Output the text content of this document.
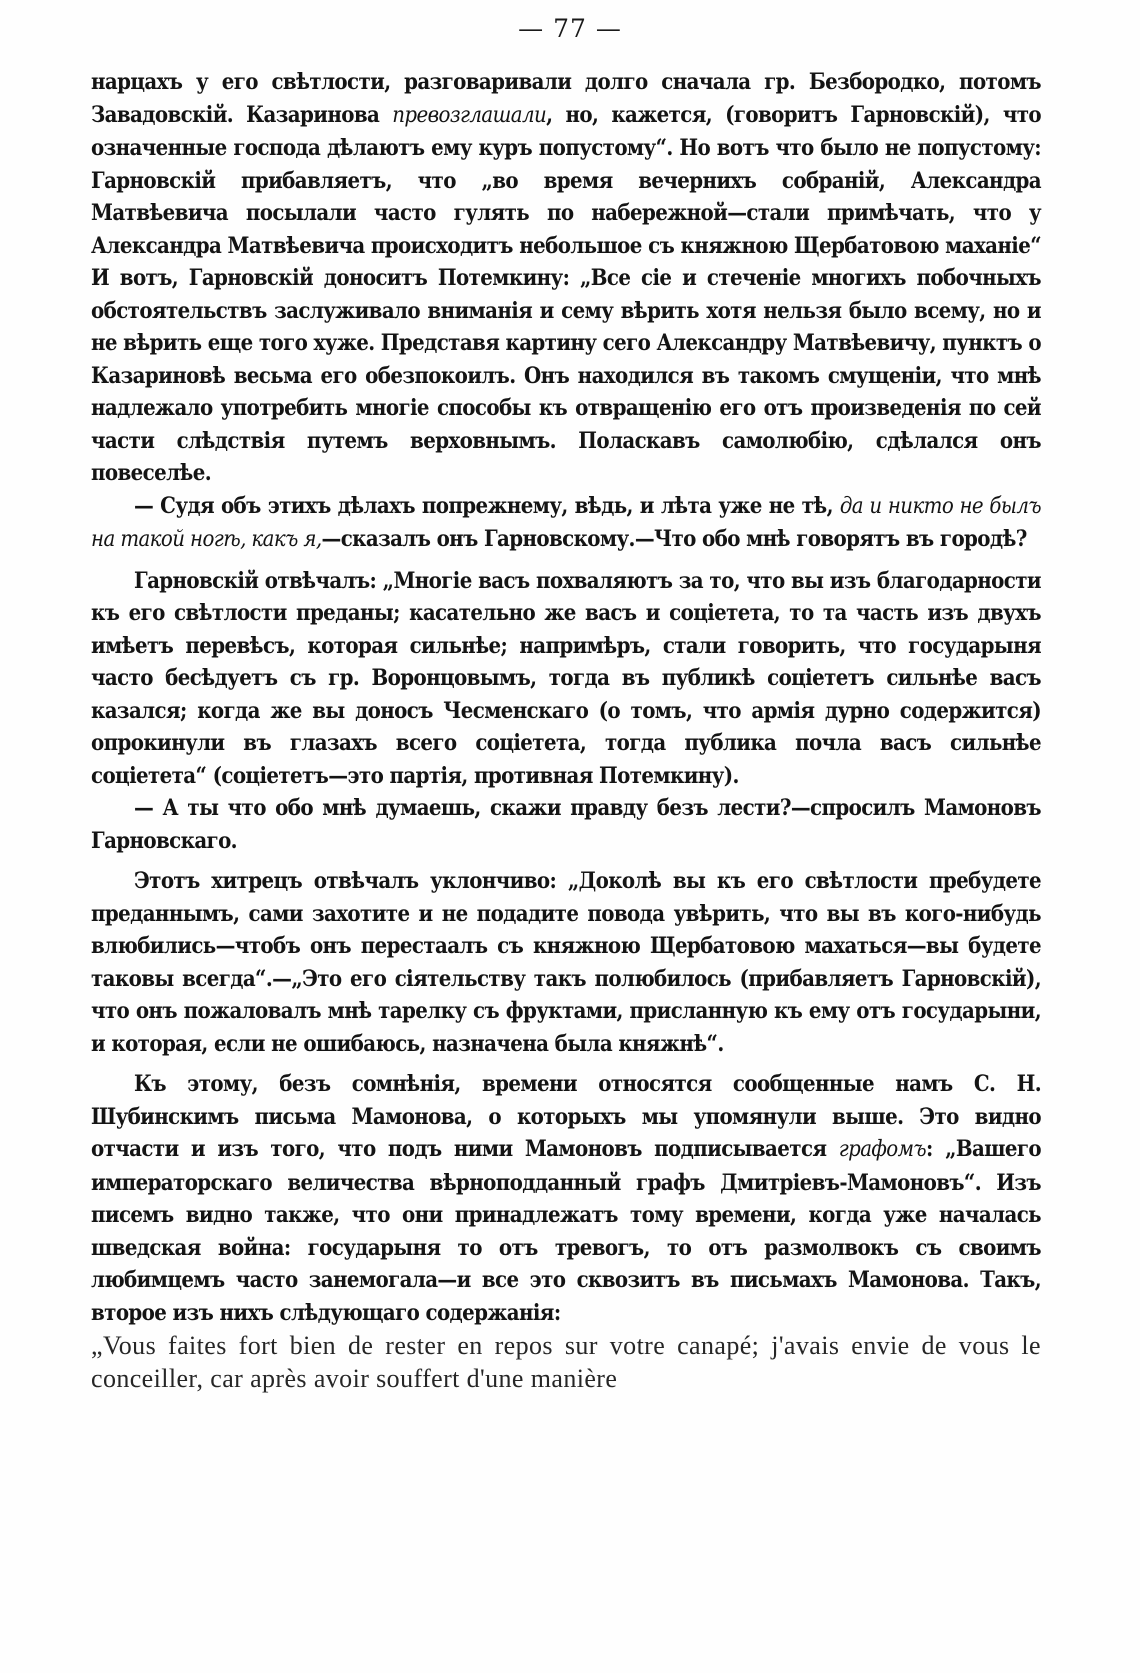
— 77 —

нарцахъ у его свѣтлости, разговаривали долго сначала гр. Безбородко, потомъ Завадовскій. Казаринова превозглашали, но, кажется, (говоритъ Гарновскій), что означенные господа дѣлаютъ ему куръ попустому“. Но вотъ что было не попустому: Гарновскій прибавляетъ, что „во время вечернихъ собраній, Александра Матвѣевича посылали часто гулять по набережной—стали примѣчать, что у Александра Матвѣевича происходитъ небольшое съ княжною Щербатовою маханіе“ И вотъ, Гарновскій доноситъ Потемкину: „Все сіе и стеченіе многихъ побочныхъ обстоятельствъ заслуживало вниманія и сему вѣрить хотя нельзя было всему, но и не вѣрить еще того хуже. Представя картину сего Александру Матвѣевичу, пунктъ о Казариновѣ весьма его обезпокоилъ. Онъ находился въ такомъ смущеніи, что мнѣ надлежало употребить многіе способы къ отвращенію его отъ произведенія по сей части слѣдствія путемъ верховнымъ. Поласкавъ самолюбію, сдѣлался онъ повеселѣе.

— Судя объ этихъ дѣлахъ попрежнему, вѣдь, и лѣта уже не тѣ, да и никто не былъ на такой ногѣ, какъ я,—сказалъ онъ Гарновскому.—Что обо мнѣ говорятъ въ городѣ?

Гарновскій отвѣчалъ: „Многіе васъ похваляютъ за то, что вы изъ благодарности къ его свѣтлости преданы; касательно же васъ и соціетета, то та часть изъ двухъ имѣетъ перевѣсъ, которая сильнѣе; напримѣръ, стали говорить, что государыня часто бесѣдуетъ съ гр. Воронцовымъ, тогда въ публикѣ соціететъ сильнѣе васъ казался; когда же вы доносъ Чесменскаго (о томъ, что армія дурно содержится) опрокинули въ глазахъ всего соціетета, тогда публика почла васъ сильнѣе соціетета“ (соціететъ—это партія, противная Потемкину).

— А ты что обо мнѣ думаешь, скажи правду безъ лести?—спросилъ Мамоновъ Гарновскаго.

Этотъ хитрецъ отвѣчалъ уклончиво: „Доколѣ вы къ его свѣтлости пребудете преданнымъ, сами захотите и не подадите повода увѣрить, что вы въ кого-нибудь влюбились—чтобъ онъ перестаалъ съ княжною Щербатовою махаться—вы будете таковы всегда“.—„Это его сіятельству такъ полюбилось (прибавляетъ Гарновскій), что онъ пожаловалъ мнѣ тарелку съ фруктами, присланную къ ему отъ государыни, и которая, если не ошибаюсь, назначена была княжнѣ“.

Къ этому, безъ сомнѣнія, времени относятся сообщенные намъ С. Н. Шубинскимъ письма Мамонова, о которыхъ мы упомянули выше. Это видно отчасти и изъ того, что подъ ними Мамоновъ подписывается графомъ: „Вашего императорскаго величества вѣрноподданный графъ Дмитріевъ-Мамоновъ“. Изъ писемъ видно также, что они принадлежатъ тому времени, когда уже началась шведская война: государыня то отъ тревогъ, то отъ размолвокъ съ своимъ любимцемъ часто занемогала—и все это сквозитъ въ письмахъ Мамонова. Такъ, второе изъ нихъ слѣдующаго содержанія:

„Vous faites fort bien de rester en repos sur votre canapé; j'avais envie de vous le conceiller, car après avoir souffert d'une manière
